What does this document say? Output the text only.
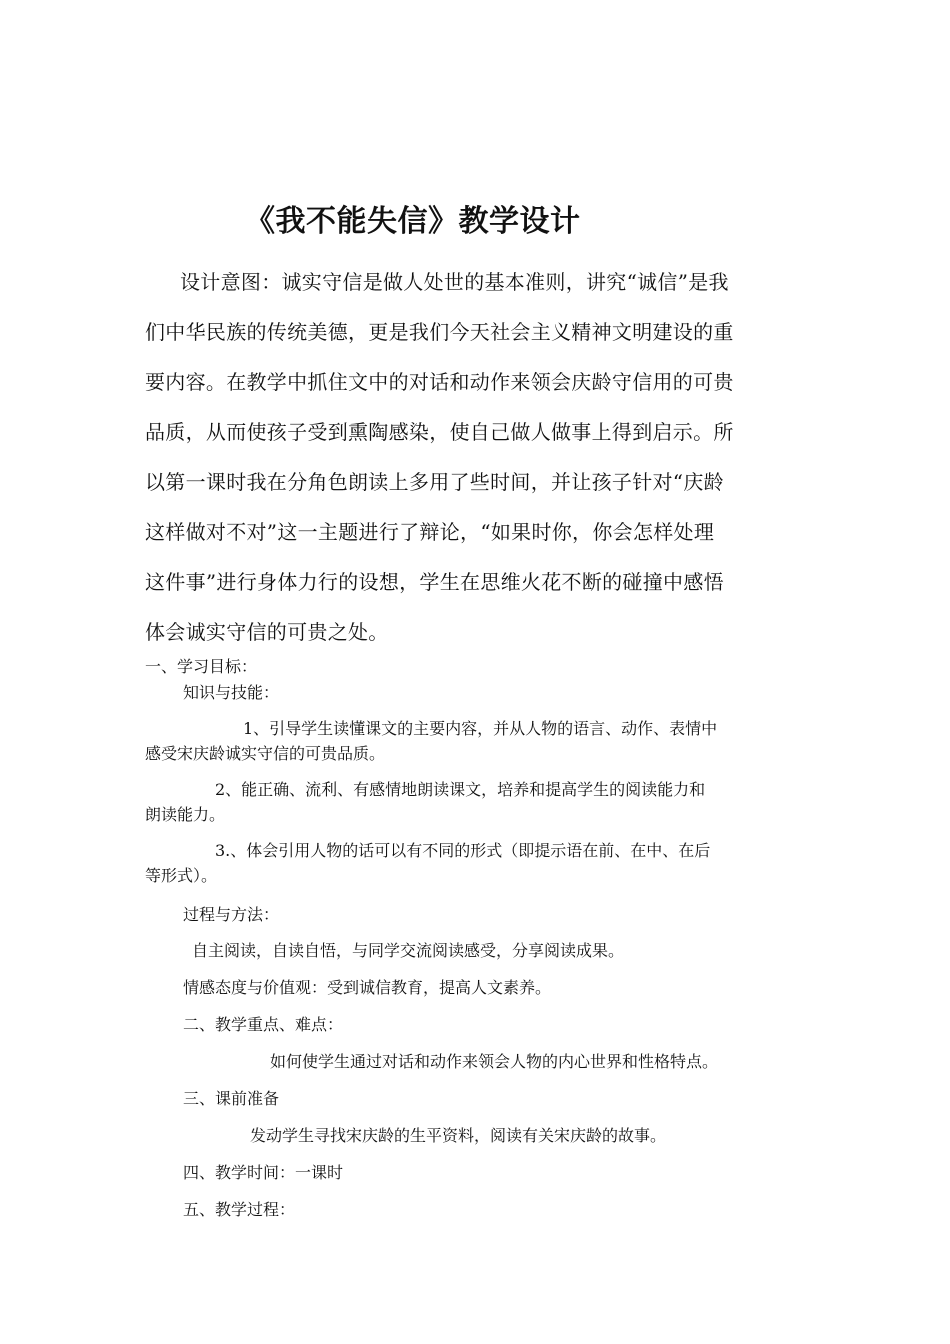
《我不能失信》教学设计
设计意图：诚实守信是做人处世的基本准则，讲究“诚信”是我
们中华民族的传统美德，更是我们今天社会主义精神文明建设的重
要内容。在教学中抓住文中的对话和动作来领会庆龄守信用的可贵
品质，从而使孩子受到熏陶感染，使自己做人做事上得到启示。所
以第一课时我在分角色朗读上多用了些时间，并让孩子针对“庆龄
这样做对不对”这一主题进行了辩论，“如果时你，你会怎样处理
这件事”进行身体力行的设想，学生在思维火花不断的碰撞中感悟
体会诚实守信的可贵之处。
一、学习目标：
知识与技能：
1、引导学生读懂课文的主要内容，并从人物的语言、动作、表情中
感受宋庆龄诚实守信的可贵品质。
2、能正确、流利、有感情地朗读课文，培养和提高学生的阅读能力和
朗读能力。
3.、体会引用人物的话可以有不同的形式（即提示语在前、在中、在后
等形式）。
过程与方法：
自主阅读，自读自悟，与同学交流阅读感受，分享阅读成果。
情感态度与价值观：受到诚信教育，提高人文素养。
二、教学重点、难点：
如何使学生通过对话和动作来领会人物的内心世界和性格特点。
三、课前准备
发动学生寻找宋庆龄的生平资料，阅读有关宋庆龄的故事。
四、教学时间：一课时
五、教学过程：
